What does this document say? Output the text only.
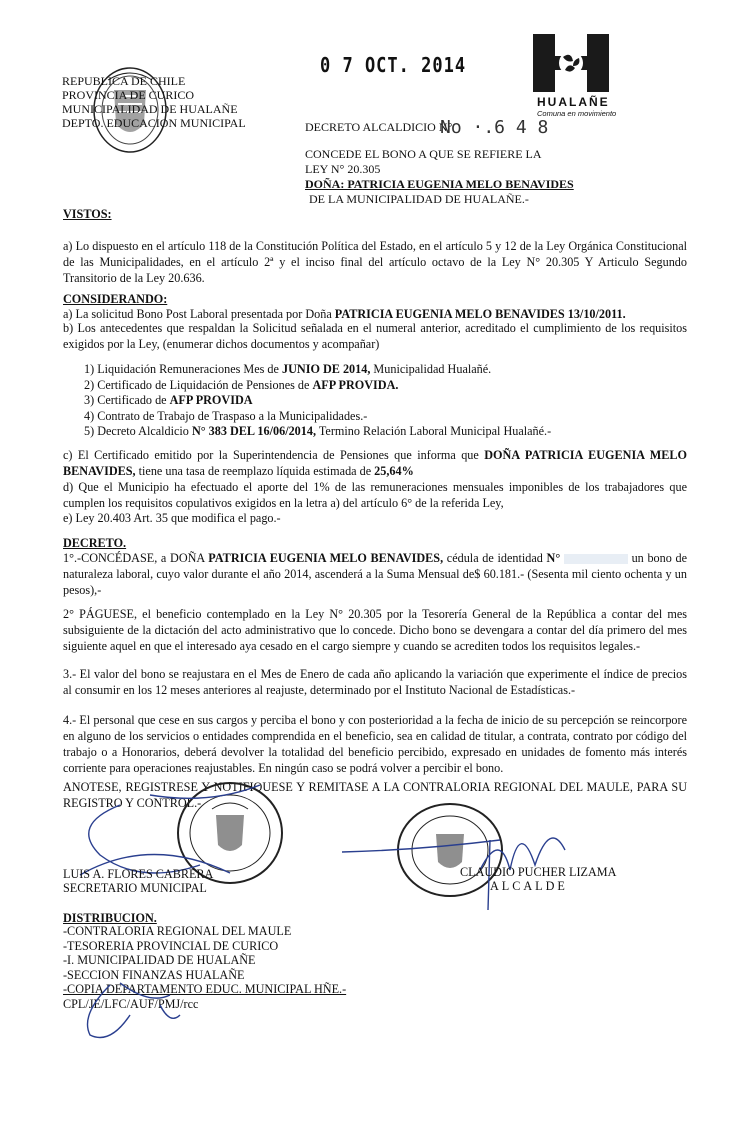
0 7 OCT. 2014
REPUBLICA DE CHILE
PROVINCIA DE CURICO
MUNICIPALIDAD DE HUALAÑE
DEPTO. EDUCACION MUNICIPAL
HUALAÑE
Comuna en movimiento
DECRETO ALCALDICIO N°
No ·.6 4 8
CONCEDE EL BONO A QUE SE REFIERE LA
LEY N° 20.305
DOÑA: PATRICIA EUGENIA MELO BENAVIDES
DE LA MUNICIPALIDAD DE HUALAÑE.-
VISTOS:
a) Lo dispuesto en el artículo 118 de la Constitución Política del Estado, en el artículo 5 y 12 de la Ley Orgánica Constitucional de las Municipalidades, en el artículo 2ª y el inciso final del artículo octavo de la Ley N° 20.305 Y Articulo Segundo Transitorio de la Ley 20.636.
CONSIDERANDO:
a) La solicitud Bono Post Laboral presentada por Doña PATRICIA EUGENIA MELO BENAVIDES 13/10/2011.
b) Los antecedentes que respaldan la Solicitud señalada en el numeral anterior, acreditado el cumplimiento de los requisitos exigidos por la Ley, (enumerar dichos documentos y acompañar)
1) Liquidación Remuneraciones Mes de JUNIO DE 2014, Municipalidad Hualañé.
2) Certificado de Liquidación de Pensiones de AFP PROVIDA.
3) Certificado de AFP PROVIDA
4) Contrato de Trabajo de Traspaso a la Municipalidades.-
5) Decreto Alcaldicio N° 383 DEL 16/06/2014, Termino Relación Laboral Municipal Hualañé.-
c) El Certificado emitido por la Superintendencia de Pensiones que informa que DOÑA PATRICIA EUGENIA MELO BENAVIDES, tiene una tasa de reemplazo líquida estimada de 25,64%
d) Que el Municipio ha efectuado el aporte del 1% de las remuneraciones mensuales imponibles de los trabajadores que cumplen los requisitos copulativos exigidos en la letra a) del artículo 6° de la referida Ley,
e) Ley 20.403 Art. 35 que modifica el pago.-
DECRETO.
1°.-CONCÉDASE, a DOÑA PATRICIA EUGENIA MELO BENAVIDES, cédula de identidad N°	un bono de naturaleza laboral, cuyo valor durante el año 2014, ascenderá a la Suma Mensual de$ 60.181.- (Sesenta mil ciento ochenta y un pesos),-
2° PÁGUESE, el beneficio contemplado en la Ley N° 20.305 por la Tesorería General de la República a contar del mes subsiguiente de la dictación del acto administrativo que lo concede. Dicho bono se devengara a contar del día primero del mes siguiente aquel en que el interesado aya cesado en el cargo siempre y cuando se acrediten todos los requisitos legales.-
3.- El valor del bono se reajustara en el Mes de Enero de cada año aplicando la variación que experimente el índice de precios al consumir en los 12 meses anteriores al reajuste, determinado por el Instituto Nacional de Estadísticas.-
4.- El personal que cese en sus cargos y perciba el bono y con posterioridad a la fecha de inicio de su percepción se reincorpore en alguno de los servicios o entidades comprendida en el beneficio, sea en calidad de titular, a contrata, contrato por código del trabajo o a Honorarios, deberá devolver la totalidad del beneficio percibido, expresado en unidades de fomento más interés corriente para operaciones reajustables. En ningún caso se podrá volver a percibir el bono.
ANOTESE, REGISTRESE Y NOTIFIQUESE Y REMITASE A LA CONTRALORIA REGIONAL DEL MAULE, PARA SU REGISTRO Y CONTROL.-
LUIS A. FLORES CABRERA
SECRETARIO MUNICIPAL
CLAUDIO PUCHER LIZAMA
ALCALDE
DISTRIBUCION.
-CONTRALORIA REGIONAL DEL MAULE
-TESORERIA PROVINCIAL DE CURICO
-I. MUNICIPALIDAD DE HUALAÑE
-SECCION FINANZAS HUALAÑE
-COPIA DEPARTAMENTO EDUC. MUNICIPAL HÑE.-
CPL/JE/LFC/AUF/PMJ/rcc
